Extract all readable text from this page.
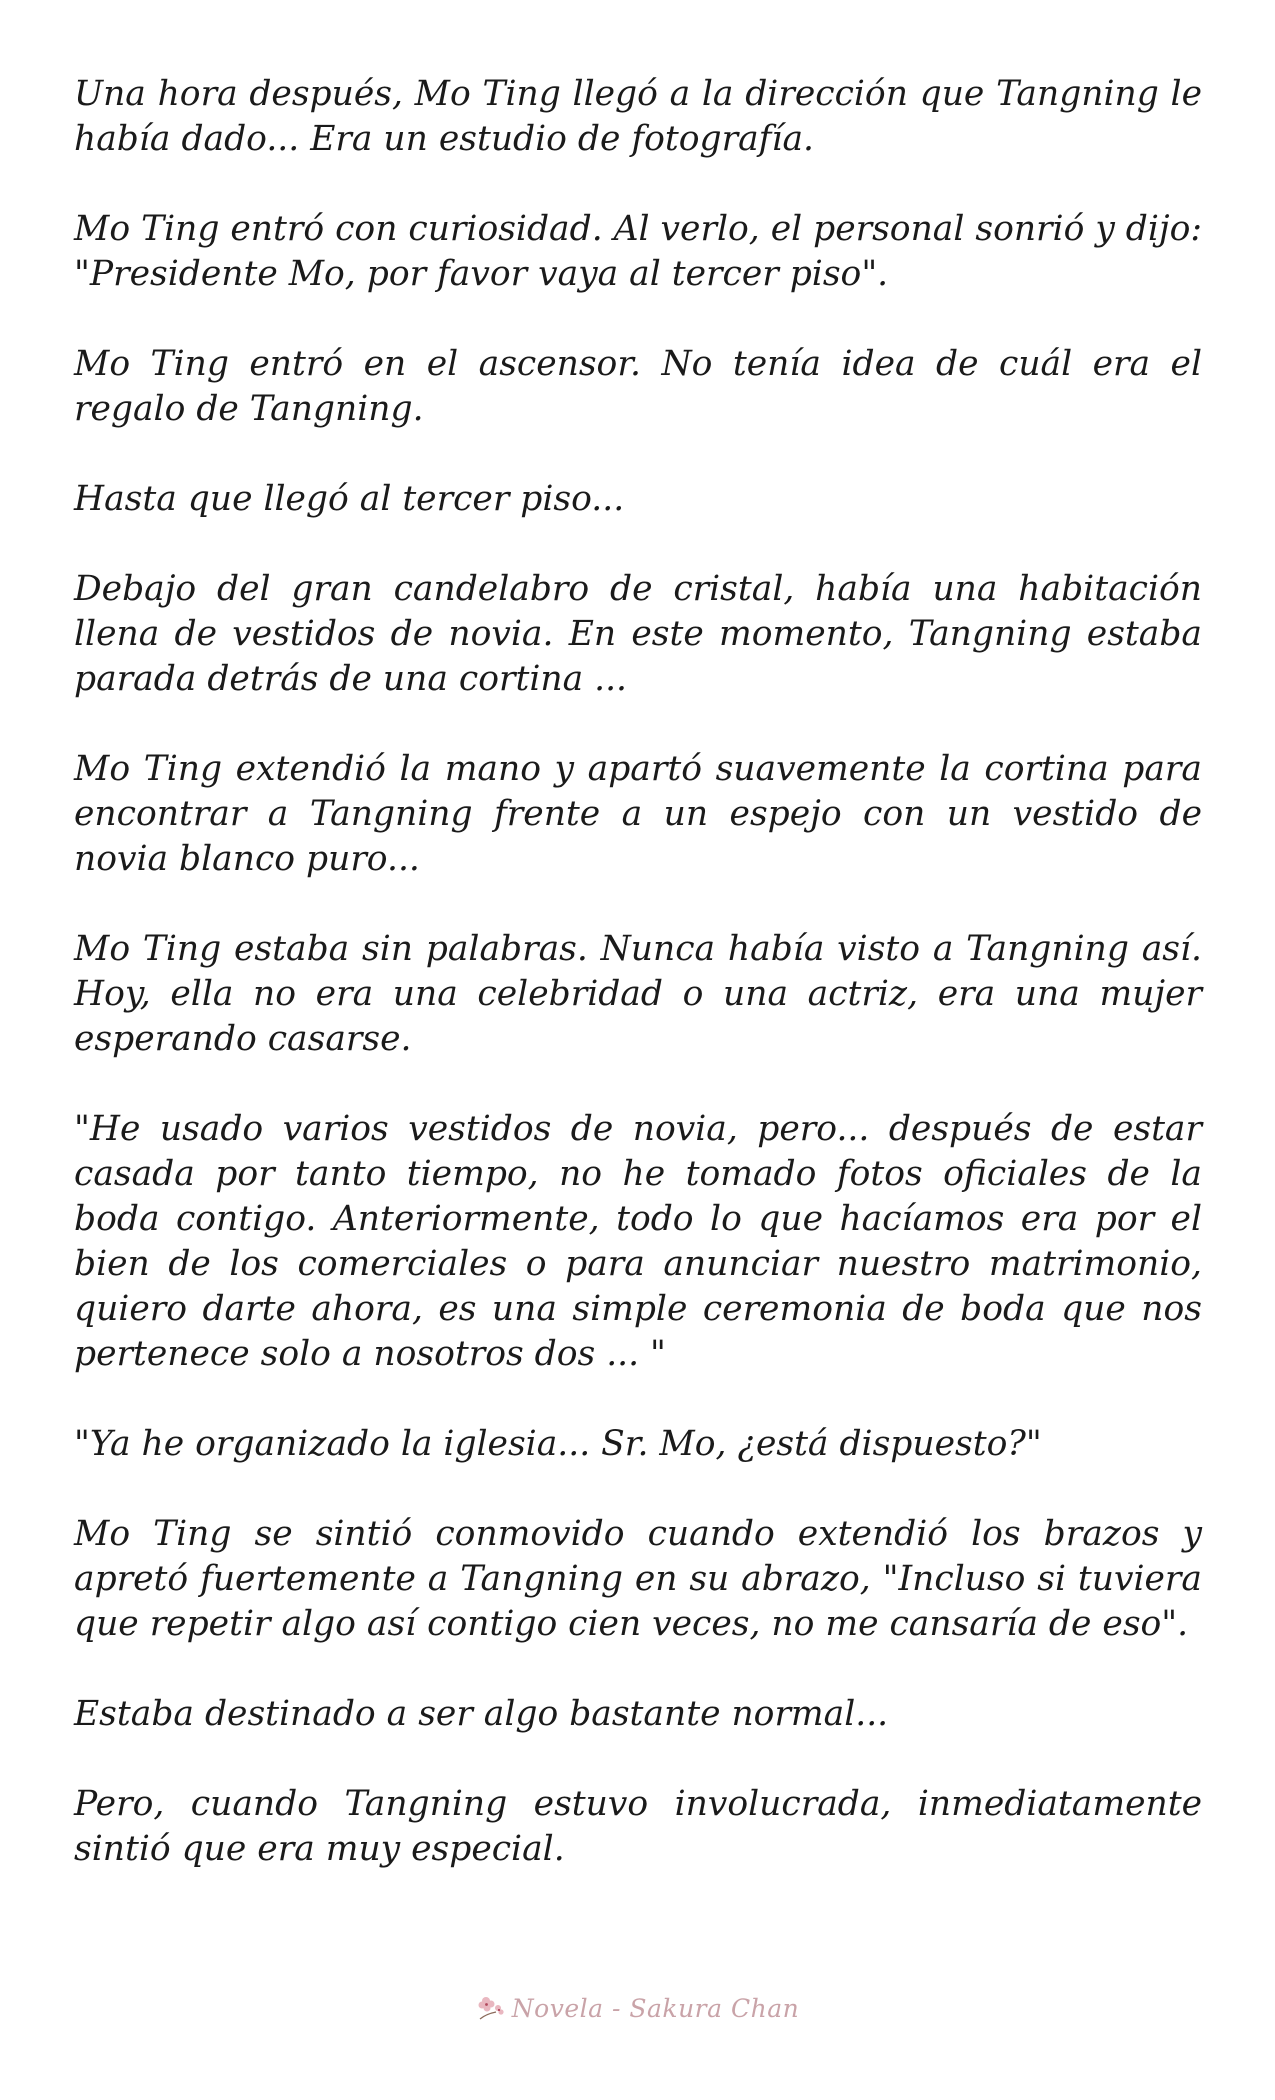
Una hora después, Mo Ting llegó a la dirección que Tangning le había dado... Era un estudio de fotografía.

Mo Ting entró con curiosidad. Al verlo, el personal sonrió y dijo: "Presidente Mo, por favor vaya al tercer piso".

Mo Ting entró en el ascensor. No tenía idea de cuál era el regalo de Tangning.

Hasta que llegó al tercer piso...

Debajo del gran candelabro de cristal, había una habitación llena de vestidos de novia. En este momento, Tangning estaba parada detrás de una cortina ...

Mo Ting extendió la mano y apartó suavemente la cortina para encontrar a Tangning frente a un espejo con un vestido de novia blanco puro...

Mo Ting estaba sin palabras. Nunca había visto a Tangning así. Hoy, ella no era una celebridad o una actriz, era una mujer esperando casarse.

"He usado varios vestidos de novia, pero... después de estar casada por tanto tiempo, no he tomado fotos oficiales de la boda contigo. Anteriormente, todo lo que hacíamos era por el bien de los comerciales o para anunciar nuestro matrimonio, quiero darte ahora, es una simple ceremonia de boda que nos pertenece solo a nosotros dos ... "

"Ya he organizado la iglesia... Sr. Mo, ¿está dispuesto?"

Mo Ting se sintió conmovido cuando extendió los brazos y apretó fuertemente a Tangning en su abrazo, "Incluso si tuviera que repetir algo así contigo cien veces, no me cansaría de eso".

Estaba destinado a ser algo bastante normal...

Pero, cuando Tangning estuvo involucrada, inmediatamente sintió que era muy especial.

Novela - Sakura Chan
